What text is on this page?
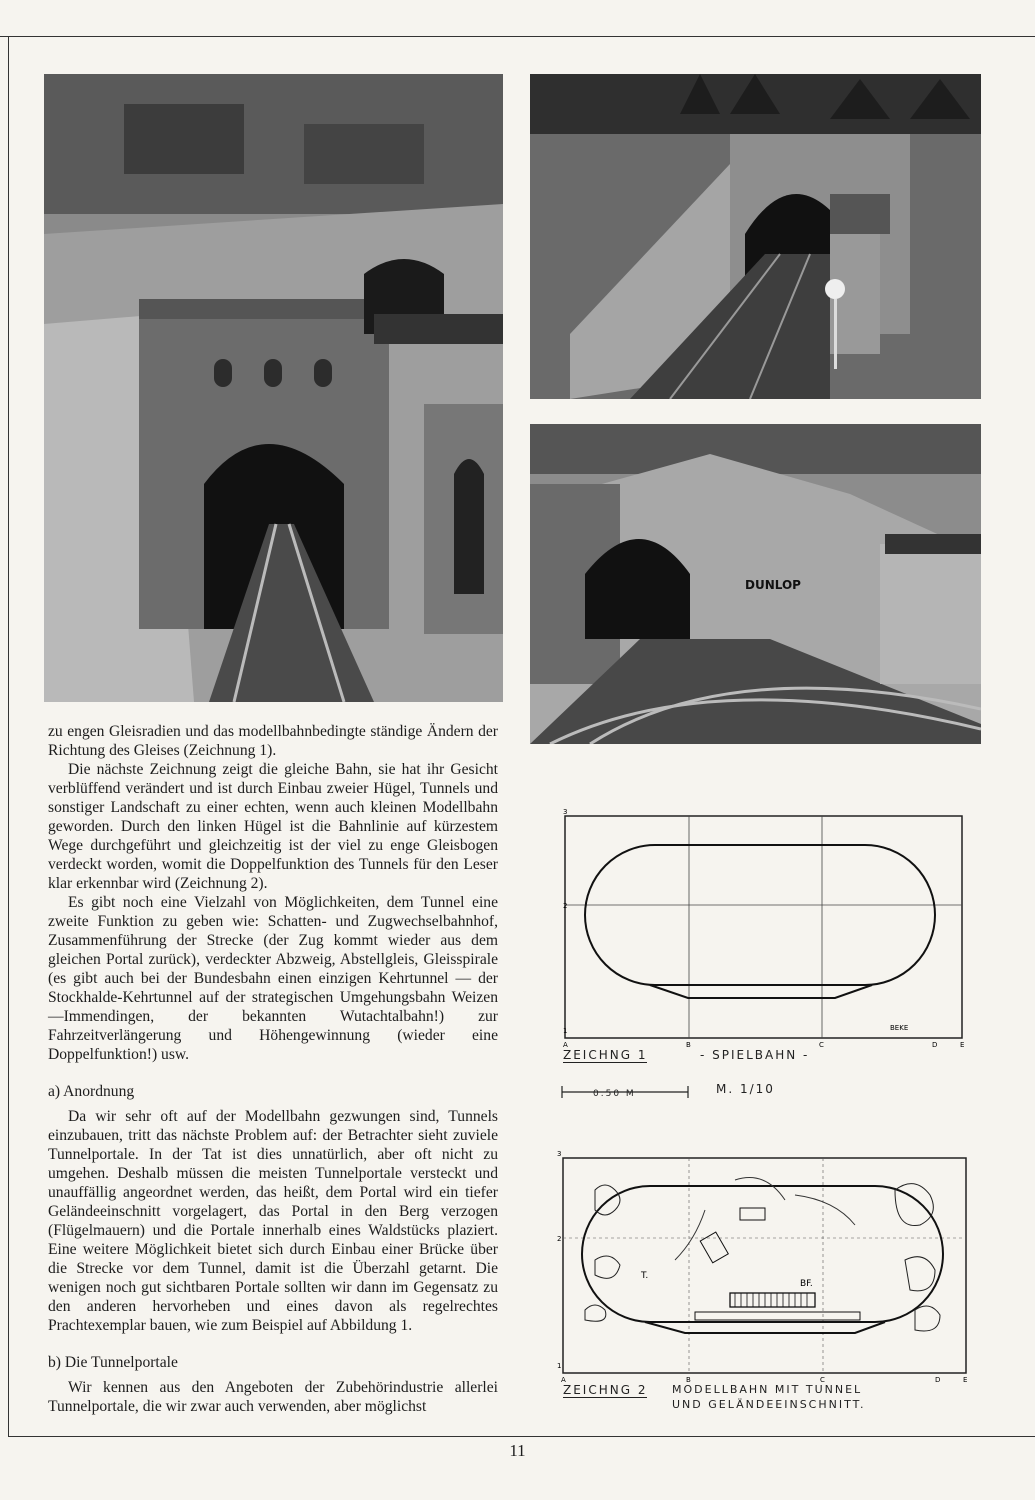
DUNLOP

zu engen Gleisradien und das modellbahnbedingte ständige Ändern der Richtung des Gleises (Zeichnung 1).

Die nächste Zeichnung zeigt die gleiche Bahn, sie hat ihr Gesicht verblüffend verändert und ist durch Einbau zweier Hügel, Tunnels und sonstiger Landschaft zu einer echten, wenn auch kleinen Modellbahn geworden. Durch den linken Hügel ist die Bahnlinie auf kürzestem Wege durchgeführt und gleichzeitig ist der viel zu enge Gleisbogen verdeckt worden, womit die Doppelfunktion des Tunnels für den Leser klar erkennbar wird (Zeichnung 2).

Es gibt noch eine Vielzahl von Möglichkeiten, dem Tunnel eine zweite Funktion zu geben wie: Schatten- und Zugwechselbahnhof, Zusammenführung der Strecke (der Zug kommt wieder aus dem gleichen Portal zurück), verdeckter Abzweig, Abstellgleis, Gleisspirale (es gibt auch bei der Bundesbahn einen einzigen Kehrtunnel — der Stockhalde-Kehrtunnel auf der strategischen Umgehungsbahn Weizen—Immendingen, der bekannten Wutachtalbahn!) zur Fahrzeitverlängerung und Höhengewinnung (wieder eine Doppelfunktion!) usw.

a) Anordnung

Da wir sehr oft auf der Modellbahn gezwungen sind, Tunnels einzubauen, tritt das nächste Problem auf: der Betrachter sieht zuviele Tunnelportale. In der Tat ist dies unnatürlich, aber oft nicht zu umgehen. Deshalb müssen die meisten Tunnelportale versteckt und unauffällig angeordnet werden, das heißt, dem Portal wird ein tiefer Geländeeinschnitt vorgelagert, das Portal in den Berg verzogen (Flügelmauern) und die Portale innerhalb eines Waldstücks plaziert. Eine weitere Möglichkeit bietet sich durch Einbau einer Brücke über die Strecke vor dem Tunnel, damit ist die Überzahl getarnt. Die wenigen noch gut sichtbaren Portale sollten wir dann im Gegensatz zu den anderen hervorheben und eines davon als regelrechtes Prachtexemplar bauen, wie zum Beispiel auf Abbildung 1.

b) Die Tunnelportale

Wir kennen aus den Angeboten der Zubehörindustrie allerlei Tunnelportale, die wir zwar auch verwenden, aber möglichst

3
2
1
A	B	C	D	E
BEKE
ZEICHNG 1	- SPIELBAHN -
0.50 M	M. 1/10
BF.
T.
3
2
1
A	B	C	D	E
ZEICHNG 2 MODELLBAHN MIT TUNNEL
UND GELÄNDEEINSCHNITT.
11
